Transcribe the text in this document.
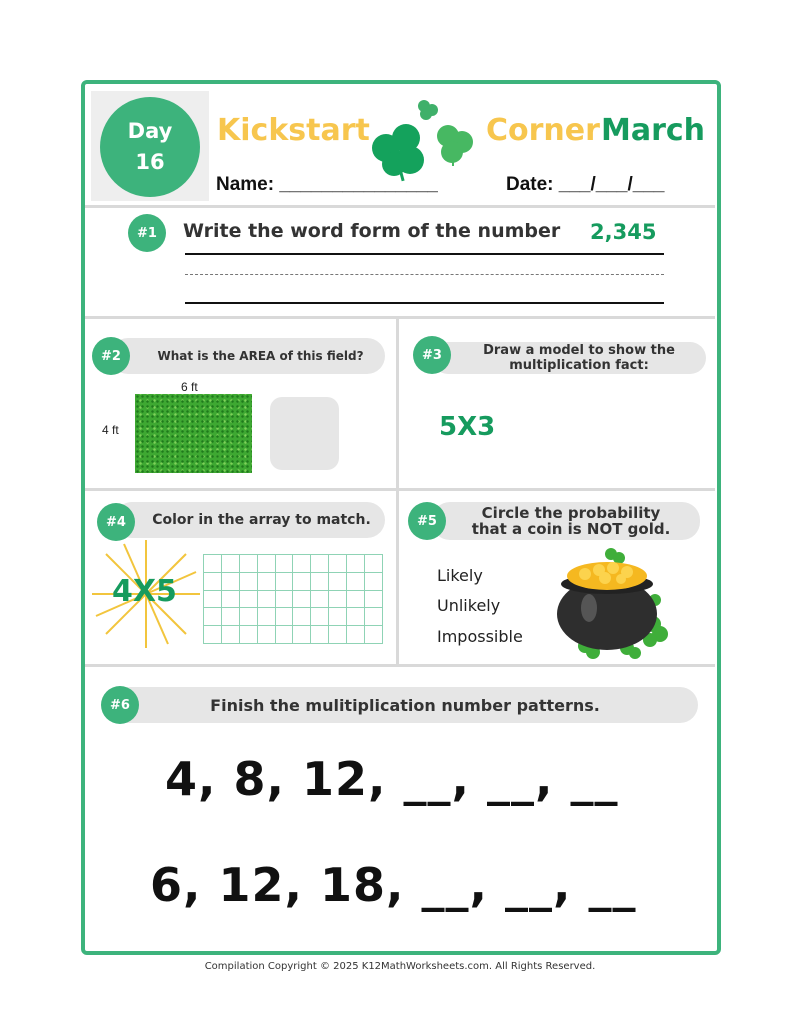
Day
16
Kickstart	Corner March
Name: _______________	Date: ___/___/___
#1	Write the word form of the number 2,345
What is the AREA of this field?
#2
6 ft
4 ft
Draw a model to show the
multiplication fact:
#3
5X3
Color in the array to match.
#4
4X5
Circle the probability
that a coin is NOT gold.
#5
Likely
Unlikely
Impossible
Finish the mulitiplication number patterns.
#6
4, 8, 12, __, __, __
6, 12, 18, __, __, __
Compilation Copyright © 2025 K12MathWorksheets.com. All Rights Reserved.
